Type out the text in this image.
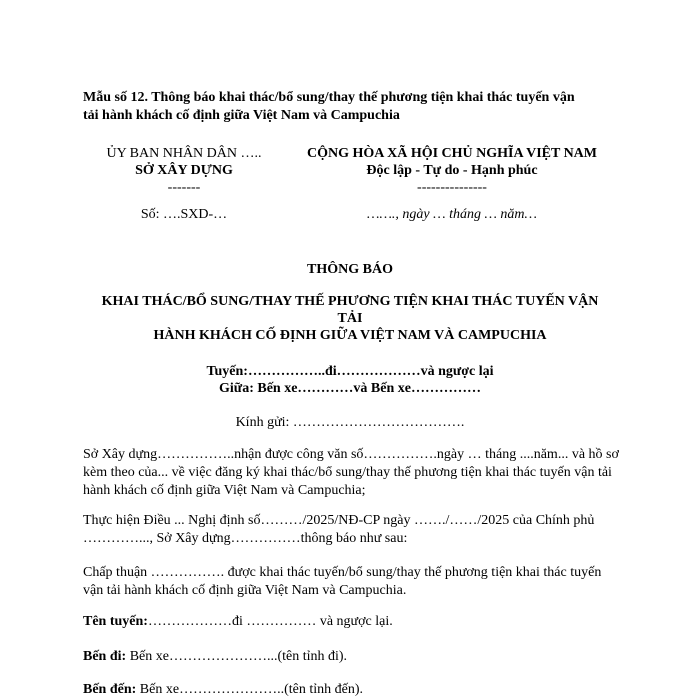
Mẫu số 12. Thông báo khai thác/bổ sung/thay thế phương tiện khai thác tuyến vận
tải hành khách cố định giữa Việt Nam và Campuchia
ỦY BAN NHÂN DÂN …..
SỞ XÂY DỰNG
-------
Số: ….SXD-…
CỘNG HÒA XÃ HỘI CHỦ NGHĨA VIỆT NAM
Độc lập - Tự do - Hạnh phúc
---------------
……., ngày … tháng … năm…
THÔNG BÁO
KHAI THÁC/BỔ SUNG/THAY THẾ PHƯƠNG TIỆN KHAI THÁC TUYẾN VẬN
TẢI
HÀNH KHÁCH CỐ ĐỊNH GIỮA VIỆT NAM VÀ CAMPUCHIA
Tuyến:……………..đi………………và ngược lại
Giữa: Bến xe…………và Bến xe……………
Kính gửi: ……………………………….
Sở Xây dựng……………..nhận được công văn số…………….ngày … tháng ....năm... và hồ sơ kèm theo của... về việc đăng ký khai thác/bổ sung/thay thế phương tiện khai thác tuyến vận tải hành khách cố định giữa Việt Nam và Campuchia;
Thực hiện Điều ... Nghị định số………/2025/NĐ-CP ngày ……./……/2025 của Chính phủ …………..., Sở Xây dựng……………thông báo như sau:
Chấp thuận ……………. được khai thác tuyến/bổ sung/thay thế phương tiện khai thác tuyến vận tải hành khách cố định giữa Việt Nam và Campuchia.
Tên tuyến:………………đi …………… và ngược lại.
Bến đi: Bến xe…………………...(tên tỉnh đi).
Bến đến: Bến xe…………………..(tên tỉnh đến).
